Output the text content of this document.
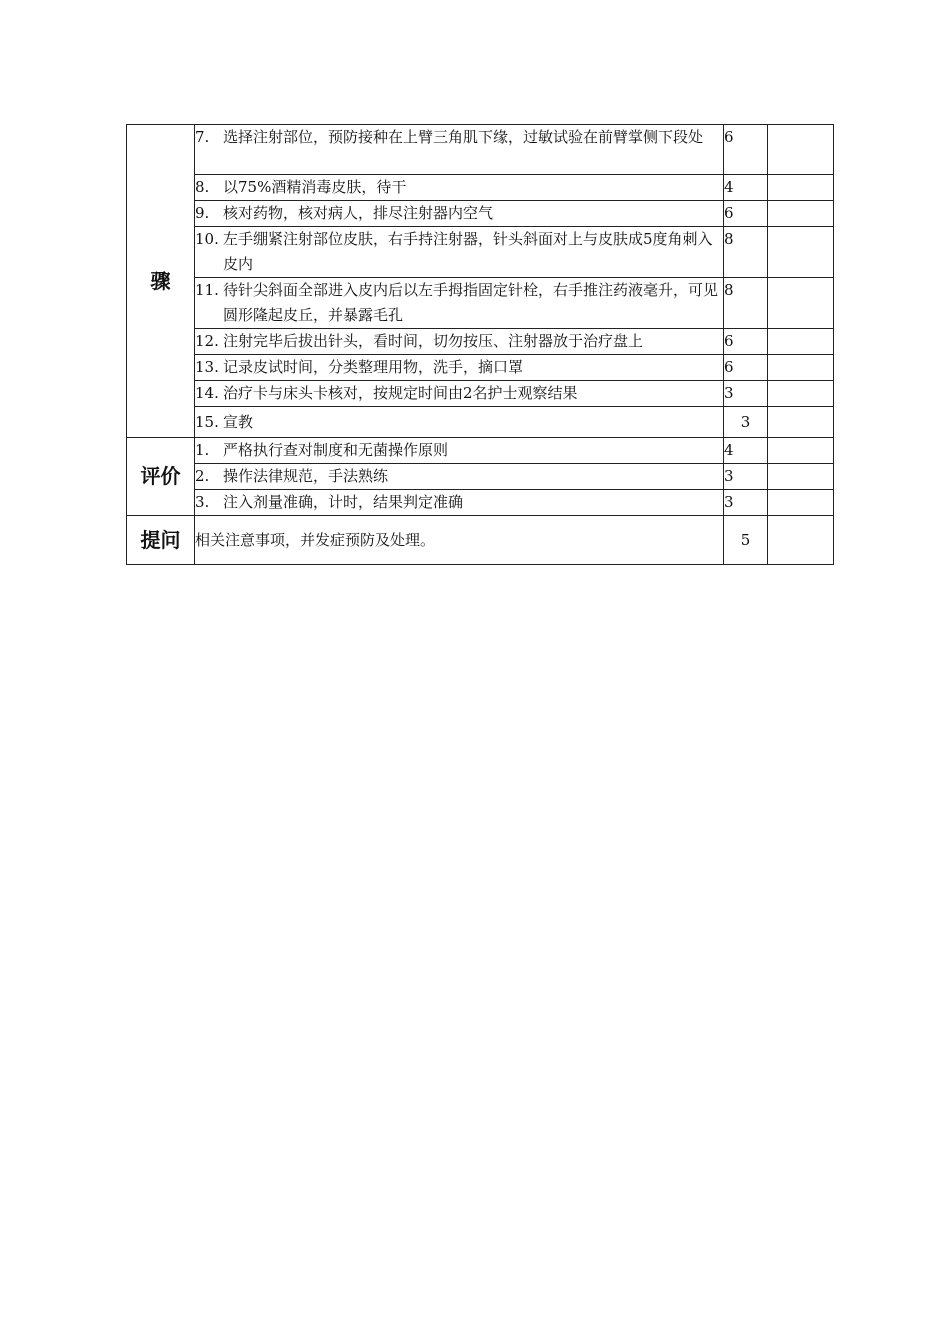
骤	7. 选择注射部位，预防接种在上臂三角肌下缘，过敏试验在前臂掌侧下段处	6	

	8. 以75%酒精消毒皮肤，待干	4	

	9. 核对药物，核对病人，排尽注射器内空气	6	

	10. 左手绷紧注射部位皮肤，右手持注射器，针头斜面对上与皮肤成5度角刺入皮内	8	

	11. 待针尖斜面全部进入皮内后以左手拇指固定针栓，右手推注药液毫升，可见圆形隆起皮丘，并暴露毛孔	8	

	12. 注射完毕后拔出针头，看时间，切勿按压、注射器放于治疗盘上	6	

	13. 记录皮试时间，分类整理用物，洗手，摘口罩	6	

	14. 治疗卡与床头卡核对，按规定时间由2名护士观察结果	3	

	15. 宣教	3	
评价	1. 严格执行查对制度和无菌操作原则	4	

	2. 操作法律规范，手法熟练	3	

	3. 注入剂量准确，计时，结果判定准确	3	
提问	相关注意事项，并发症预防及处理。	5	
